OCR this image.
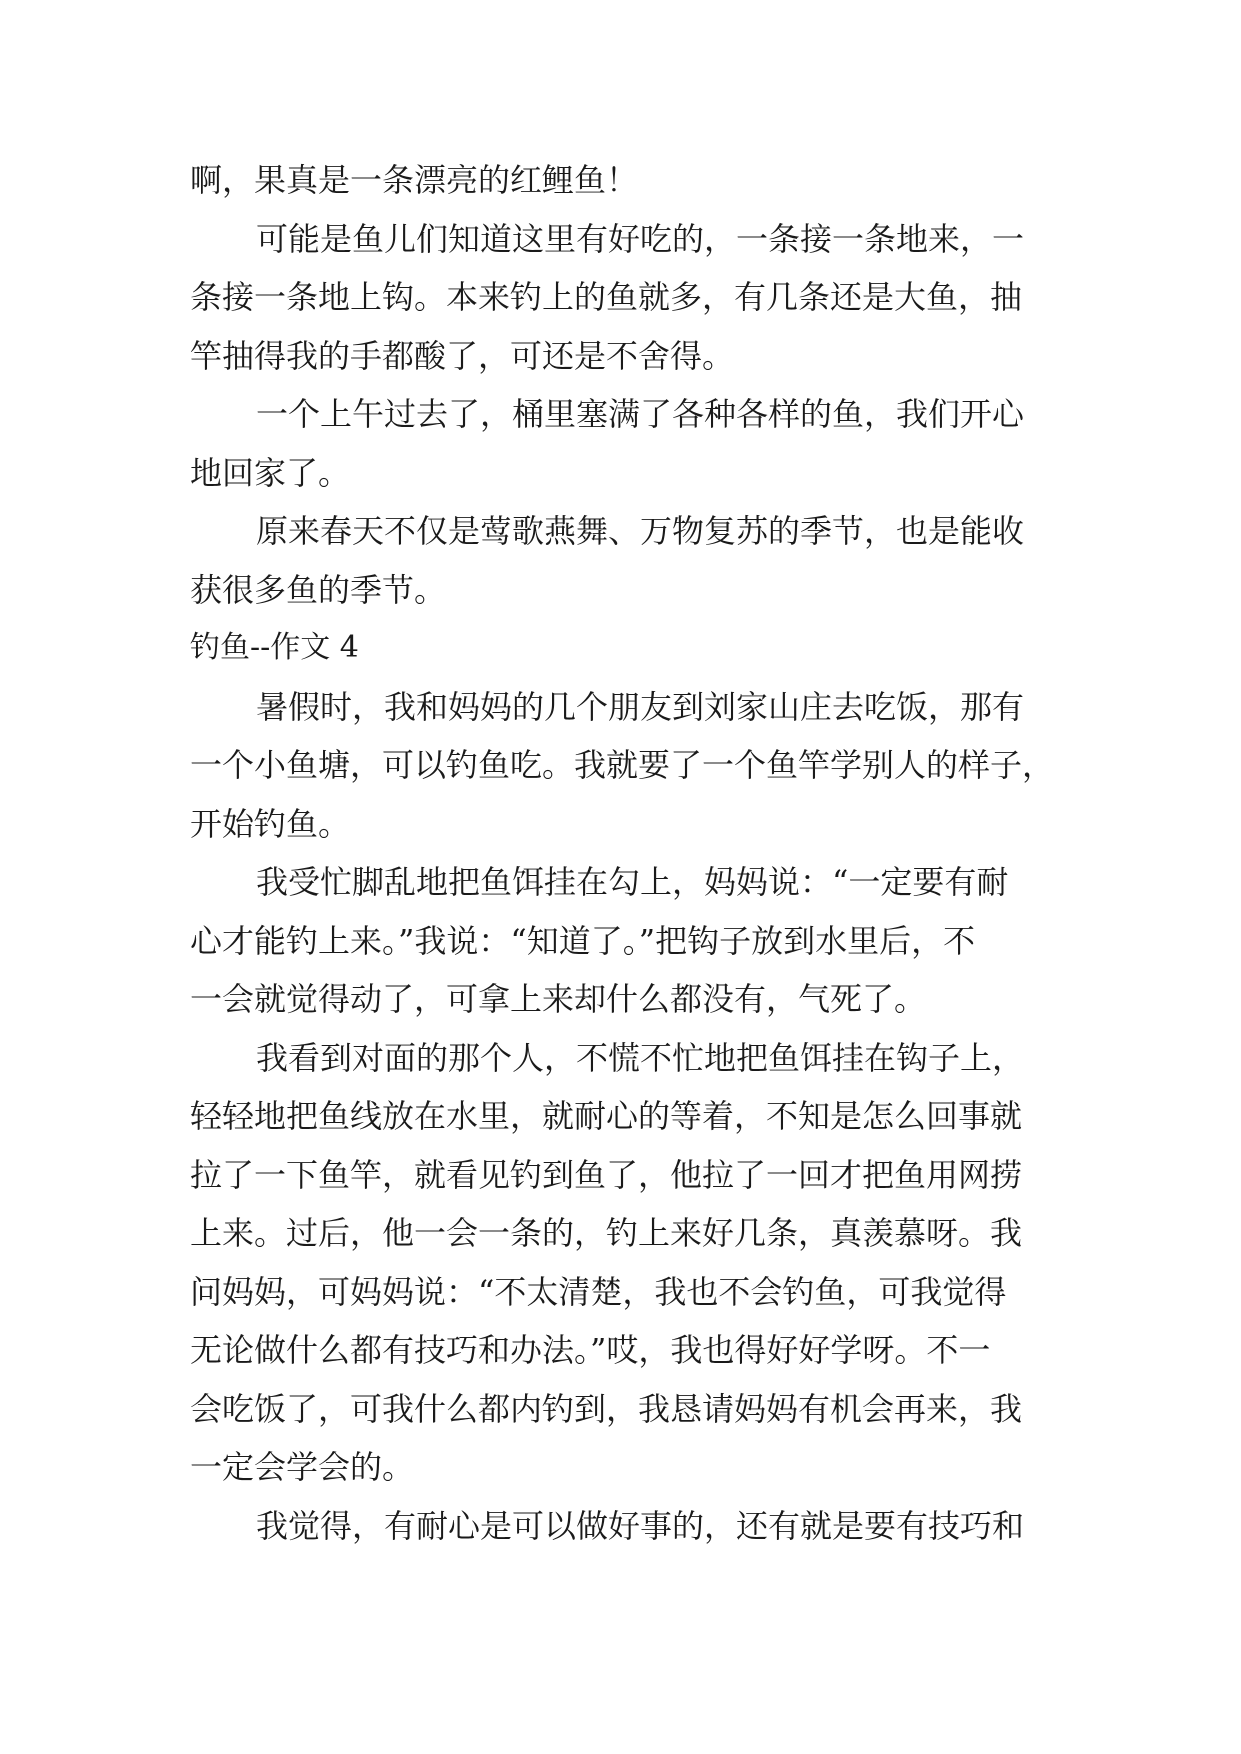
啊，果真是一条漂亮的红鲤鱼！
可能是鱼儿们知道这里有好吃的，一条接一条地来，一
条接一条地上钩。本来钓上的鱼就多，有几条还是大鱼，抽
竿抽得我的手都酸了，可还是不舍得。
一个上午过去了，桶里塞满了各种各样的鱼，我们开心
地回家了。
原来春天不仅是莺歌燕舞、万物复苏的季节，也是能收
获很多鱼的季节。
钓鱼--作文 4
暑假时，我和妈妈的几个朋友到刘家山庄去吃饭，那有
一个小鱼塘，可以钓鱼吃。我就要了一个鱼竿学别人的样子，
开始钓鱼。
我受忙脚乱地把鱼饵挂在勾上，妈妈说：“一定要有耐
心才能钓上来。”我说：“知道了。”把钩子放到水里后，不
一会就觉得动了，可拿上来却什么都没有，气死了。
我看到对面的那个人，不慌不忙地把鱼饵挂在钩子上，
轻轻地把鱼线放在水里，就耐心的等着，不知是怎么回事就
拉了一下鱼竿，就看见钓到鱼了，他拉了一回才把鱼用网捞
上来。过后，他一会一条的，钓上来好几条，真羡慕呀。我
问妈妈，可妈妈说：“不太清楚，我也不会钓鱼，可我觉得
无论做什么都有技巧和办法。”哎，我也得好好学呀。不一
会吃饭了，可我什么都内钓到，我恳请妈妈有机会再来，我
一定会学会的。
我觉得，有耐心是可以做好事的，还有就是要有技巧和
